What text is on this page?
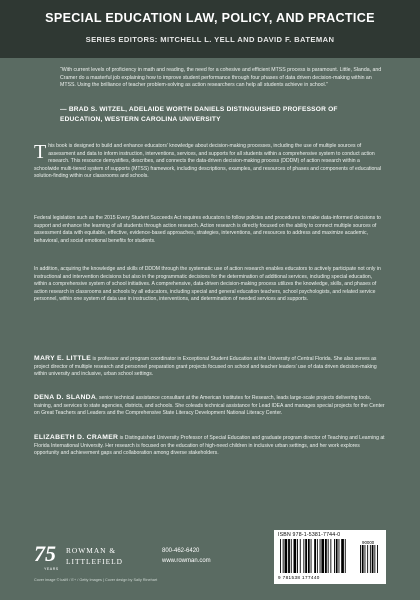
SPECIAL EDUCATION LAW, POLICY, AND PRACTICE
SERIES EDITORS: MITCHELL L. YELL AND DAVID F. BATEMAN
“With current levels of proficiency in math and reading, the need for a cohesive and efficient MTSS process is paramount. Little, Slanda, and Cramer do a masterful job explaining how to improve student performance through four phases of data driven decision-making within an MTSS. Using the brilliance of teacher problem-solving as action researchers can help all students achieve in school.”
— BRAD S. WITZEL, ADELAIDE WORTH DANIELS DISTINGUISHED PROFESSOR OF EDUCATION, WESTERN CAROLINA UNIVERSITY
This book is designed to build and enhance educators’ knowledge about decision-making processes, including the use of multiple sources of assessment and data to inform instruction, interventions, services, and supports for all students within a comprehensive system to conduct action research. This resource demystifies, describes, and connects the data-driven decision-making process (DDDM) of action research within a schoolwide multi-tiered system of supports (MTSS) framework, including descriptions, examples, and resources of phases and components of educational solution-finding within our classrooms and schools.
Federal legislation such as the 2015 Every Student Succeeds Act requires educators to follow policies and procedures to make data-informed decisions to support and enhance the learning of all students through action research. Action research is directly focused on the ability to connect multiple sources of assessment data with equitable, effective, evidence-based approaches, strategies, interventions, and resources to address and maximize academic, behavioral, and social emotional benefits for students.
In addition, acquiring the knowledge and skills of DDDM through the systematic use of action research enables educators to actively participate not only in instructional and intervention decisions but also in the programmatic decisions for the determination of additional services, including special education, within a comprehensive system of school initiatives. A comprehensive, data-driven decision-making process utilizes the knowledge, skills, and phases of action research in classrooms and schools by all educators, including special and general education teachers, school psychologists, and related service personnel, within one system of data use in instruction, interventions, and determination of needed services and supports.
MARY E. LITTLE is professor and program coordinator in Exceptional Student Education at the University of Central Florida. She also serves as project director of multiple research and personnel preparation grant projects focused on school and teacher leaders’ use of data driven decision-making within university and inclusive, urban school settings.
DENA D. SLANDA, senior technical assistance consultant at the American Institutes for Research, leads large-scale projects delivering tools, training, and services to state agencies, districts, and schools. She coleads technical assistance for Lead IDEA and manages special projects for the Center on Great Teachers and Leaders and the Comprehensive State Literacy Development National Literacy Center.
ELIZABETH D. CRAMER is Distinguished University Professor of Special Education and graduate program director of Teaching and Learning at Florida International University. Her research is focused on the education of high-need children in inclusive urban settings, and her work explores opportunity and achievement gaps and collaboration among diverse stakeholders.
75
YEARS
ROWMAN &
LITTLEFIELD
800-462-6420
www.rowman.com
Cover image © kali9 / E+ / Getty Images | Cover design by Sally Rinehart
ISBN 978-1-5381-7744-0
90000
9 781538 177440
